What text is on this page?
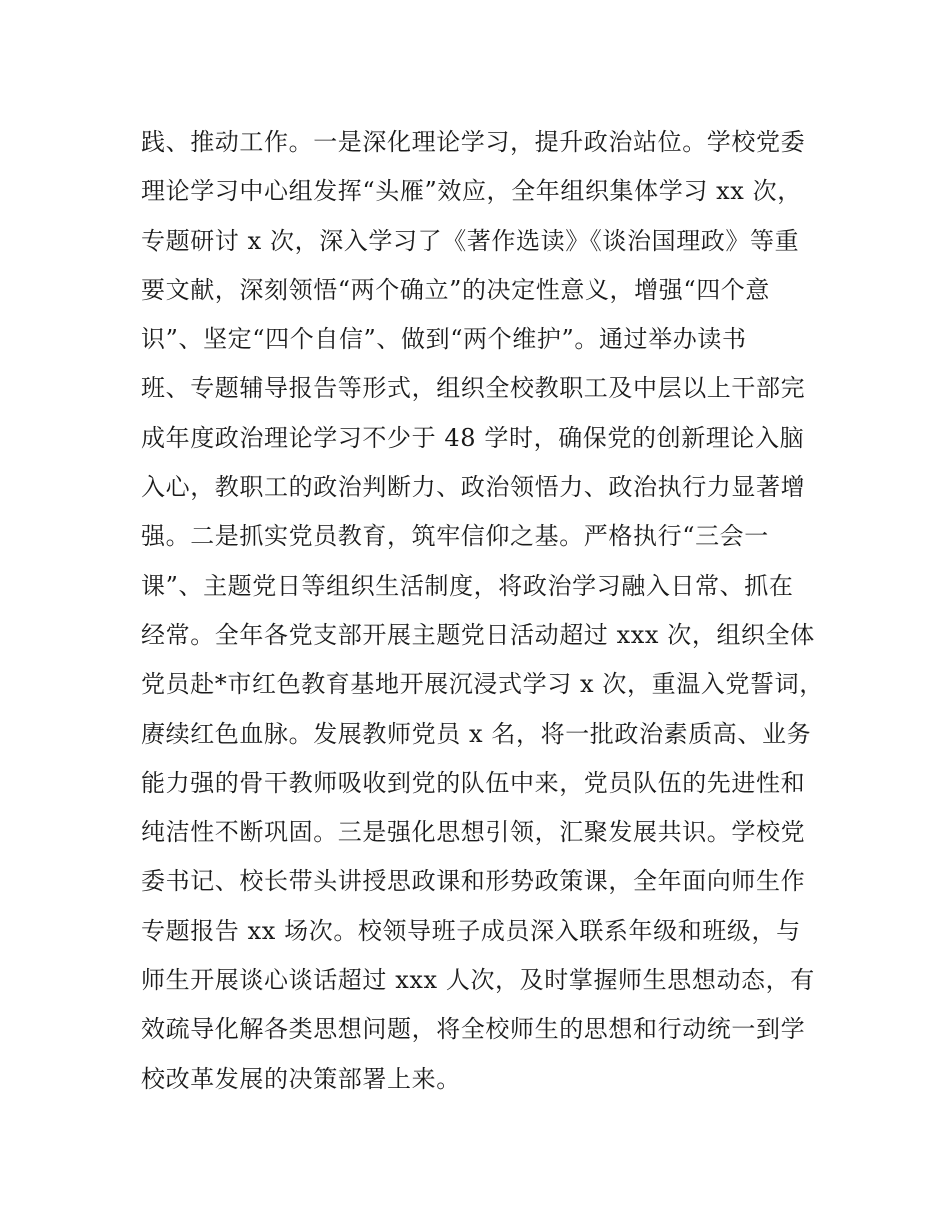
践、推动工作。一是深化理论学习，提升政治站位。学校党委
理论学习中心组发挥“头雁”效应，全年组织集体学习 xx 次，
专题研讨 x 次，深入学习了《著作选读》《谈治国理政》等重
要文献，深刻领悟“两个确立”的决定性意义，增强“四个意
识”、坚定“四个自信”、做到“两个维护”。通过举办读书
班、专题辅导报告等形式，组织全校教职工及中层以上干部完
成年度政治理论学习不少于 48 学时，确保党的创新理论入脑
入心，教职工的政治判断力、政治领悟力、政治执行力显著增
强。二是抓实党员教育，筑牢信仰之基。严格执行“三会一
课”、主题党日等组织生活制度，将政治学习融入日常、抓在
经常。全年各党支部开展主题党日活动超过 xxx 次，组织全体
党员赴*市红色教育基地开展沉浸式学习 x 次，重温入党誓词，
赓续红色血脉。发展教师党员 x 名，将一批政治素质高、业务
能力强的骨干教师吸收到党的队伍中来，党员队伍的先进性和
纯洁性不断巩固。三是强化思想引领，汇聚发展共识。学校党
委书记、校长带头讲授思政课和形势政策课，全年面向师生作
专题报告 xx 场次。校领导班子成员深入联系年级和班级，与
师生开展谈心谈话超过 xxx 人次，及时掌握师生思想动态，有
效疏导化解各类思想问题，将全校师生的思想和行动统一到学
校改革发展的决策部署上来。
